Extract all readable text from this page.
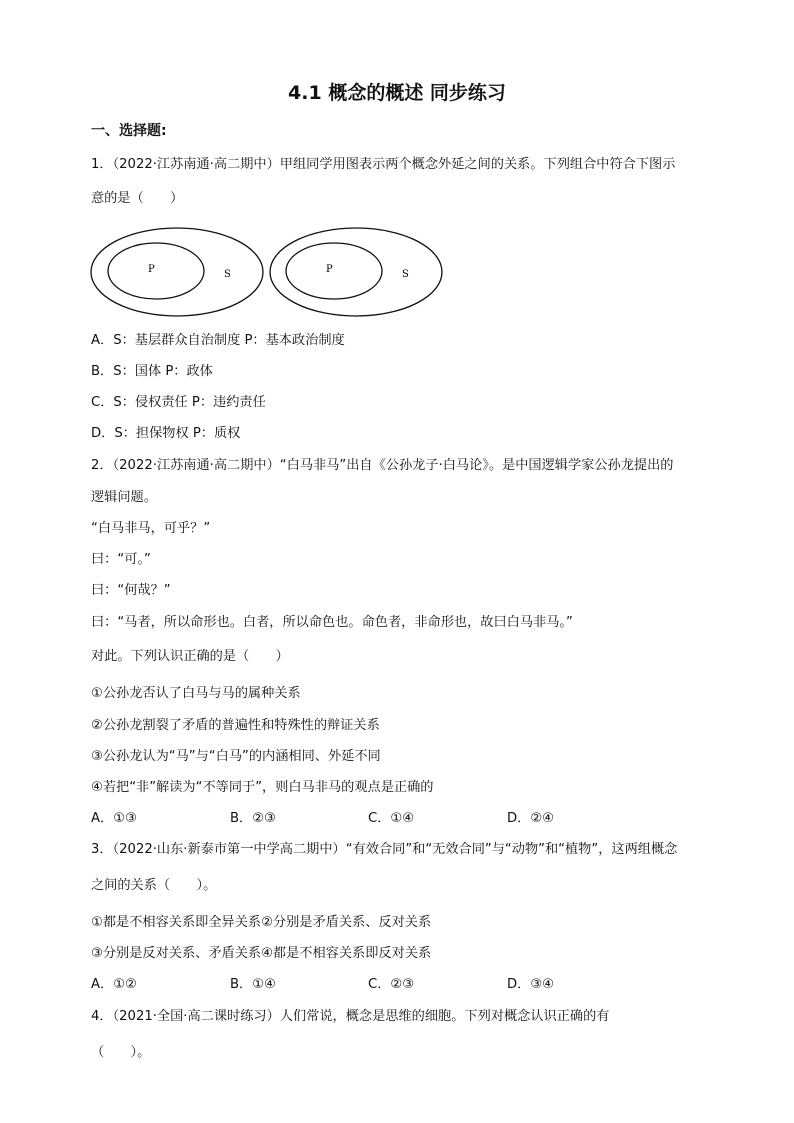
4.1 概念的概述 同步练习
一、选择题:
1．（2022·江苏南通·高二期中）甲组同学用图表示两个概念外延之间的关系。下列组合中符合下图示
意的是（　　）
P	S	P	S
A．S：基层群众自治制度 P：基本政治制度
B．S：国体 P：政体
C．S：侵权责任 P：违约责任
D．S：担保物权 P：质权
2．（2022·江苏南通·高二期中）“白马非马”出自《公孙龙子·白马论》。是中国逻辑学家公孙龙提出的
逻辑问题。
“白马非马，可乎？”
曰：“可。”
曰：“何哉？”
曰：“马者，所以命形也。白者，所以命色也。命色者，非命形也，故曰白马非马。”
对此。下列认识正确的是（　　）
①公孙龙否认了白马与马的属种关系
②公孙龙割裂了矛盾的普遍性和特殊性的辩证关系
③公孙龙认为“马”与“白马”的内涵相同、外延不同
④若把“非”解读为“不等同于”，则白马非马的观点是正确的
A．①③	B．②③	C．①④	D．②④
3．（2022·山东·新泰市第一中学高二期中）“有效合同”和“无效合同”与“动物”和“植物”，这两组概念
之间的关系（　　）。
①都是不相容关系即全异关系②分别是矛盾关系、反对关系
③分别是反对关系、矛盾关系④都是不相容关系即反对关系
A．①②	B．①④	C．②③	D．③④
4．（2021·全国·高二课时练习）人们常说，概念是思维的细胞。下列对概念认识正确的有
（　　）。
